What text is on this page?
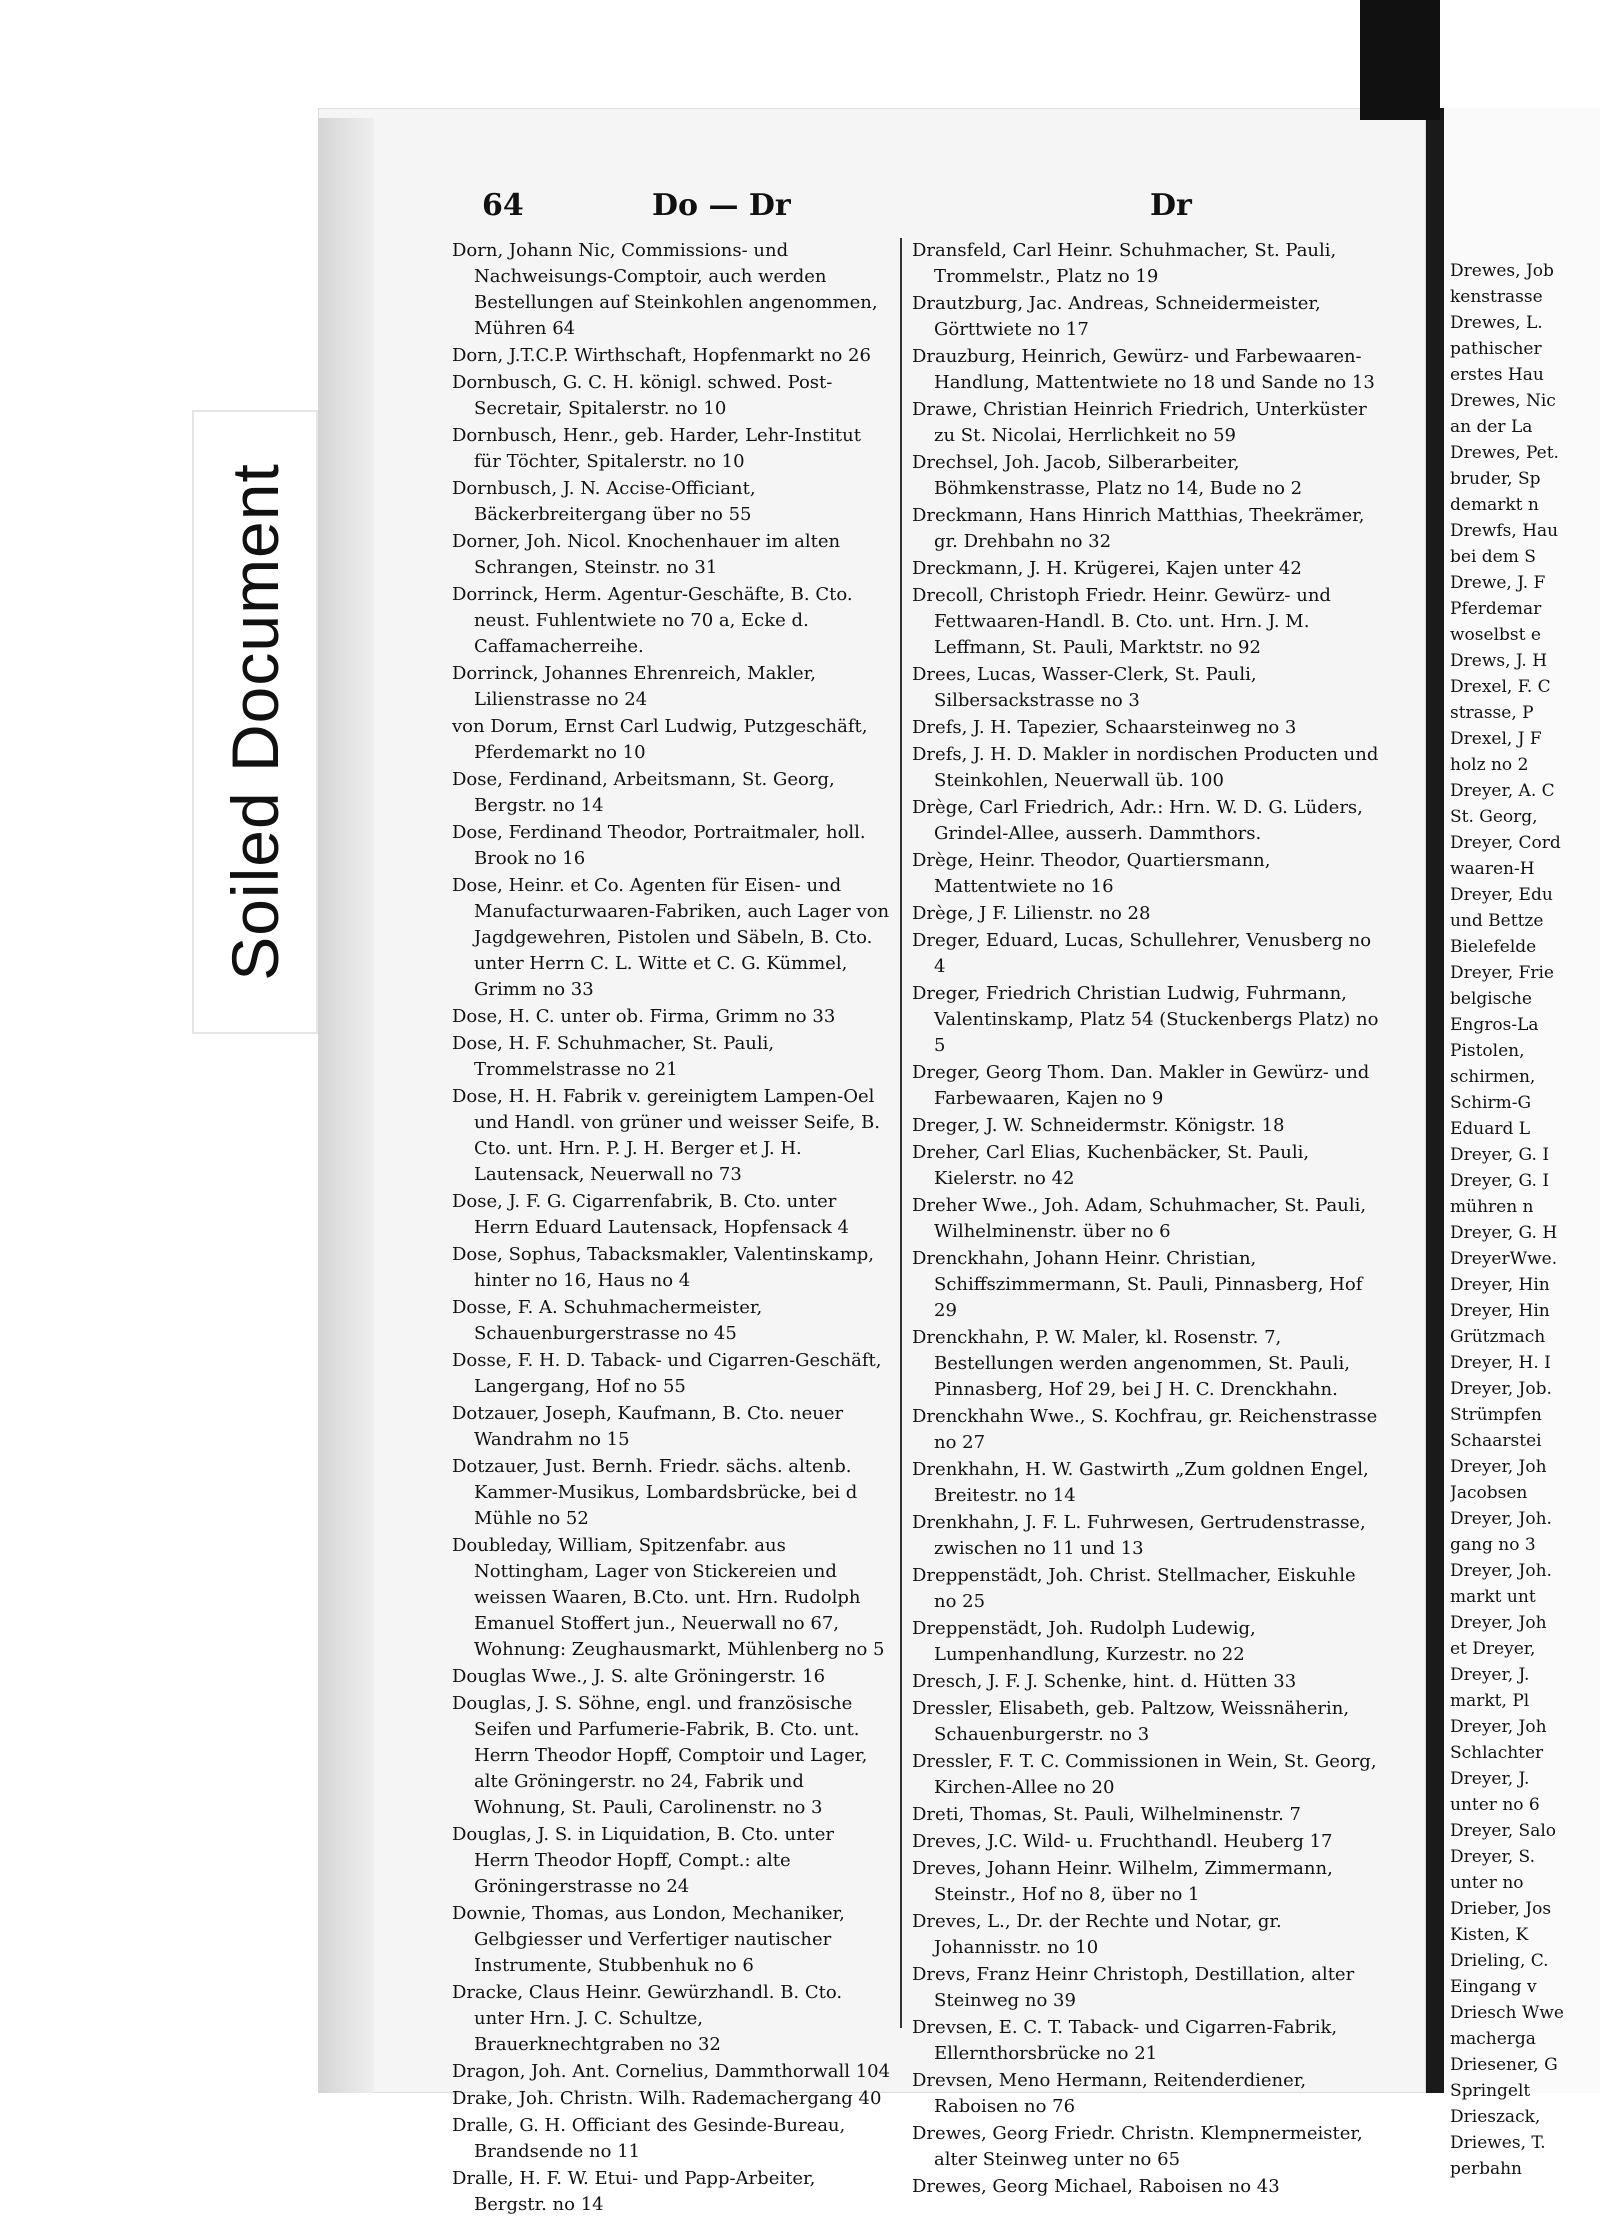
Soiled Document
64	Do — Dr	Dr
Dorn, Johann Nic, Commissions- und Nachweisungs-Comptoir, auch werden Bestellungen auf Steinkohlen angenommen, Mühren 64
Dorn, J.T.C.P. Wirthschaft, Hopfenmarkt no 26
Dornbusch, G. C. H. königl. schwed. Post-Secretair, Spitalerstr. no 10
Dornbusch, Henr., geb. Harder, Lehr-Institut für Töchter, Spitalerstr. no 10
Dornbusch, J. N. Accise-Officiant, Bäckerbreitergang über no 55
Dorner, Joh. Nicol. Knochenhauer im alten Schrangen, Steinstr. no 31
Dorrinck, Herm. Agentur-Geschäfte, B. Cto. neust. Fuhlentwiete no 70 a, Ecke d. Caffamacherreihe.
Dorrinck, Johannes Ehrenreich, Makler, Lilienstrasse no 24
von Dorum, Ernst Carl Ludwig, Putzgeschäft, Pferdemarkt no 10
Dose, Ferdinand, Arbeitsmann, St. Georg, Bergstr. no 14
Dose, Ferdinand Theodor, Portraitmaler, holl. Brook no 16
Dose, Heinr. et Co. Agenten für Eisen- und Manufacturwaaren-Fabriken, auch Lager von Jagdgewehren, Pistolen und Säbeln, B. Cto. unter Herrn C. L. Witte et C. G. Kümmel, Grimm no 33
Dose, H. C. unter ob. Firma, Grimm no 33
Dose, H. F. Schuhmacher, St. Pauli, Trommelstrasse no 21
Dose, H. H. Fabrik v. gereinigtem Lampen-Oel und Handl. von grüner und weisser Seife, B. Cto. unt. Hrn. P. J. H. Berger et J. H. Lautensack, Neuerwall no 73
Dose, J. F. G. Cigarrenfabrik, B. Cto. unter Herrn Eduard Lautensack, Hopfensack 4
Dose, Sophus, Tabacksmakler, Valentinskamp, hinter no 16, Haus no 4
Dosse, F. A. Schuhmachermeister, Schauenburgerstrasse no 45
Dosse, F. H. D. Taback- und Cigarren-Geschäft, Langergang, Hof no 55
Dotzauer, Joseph, Kaufmann, B. Cto. neuer Wandrahm no 15
Dotzauer, Just. Bernh. Friedr. sächs. altenb. Kammer-Musikus, Lombardsbrücke, bei d Mühle no 52
Doubleday, William, Spitzenfabr. aus Nottingham, Lager von Stickereien und weissen Waaren, B.Cto. unt. Hrn. Rudolph Emanuel Stoffert jun., Neuerwall no 67, Wohnung: Zeughausmarkt, Mühlenberg no 5
Douglas Wwe., J. S. alte Gröningerstr. 16
Douglas, J. S. Söhne, engl. und französische Seifen und Parfumerie-Fabrik, B. Cto. unt. Herrn Theodor Hopff, Comptoir und Lager, alte Gröningerstr. no 24, Fabrik und Wohnung, St. Pauli, Carolinenstr. no 3
Douglas, J. S. in Liquidation, B. Cto. unter Herrn Theodor Hopff, Compt.: alte Gröningerstrasse no 24
Downie, Thomas, aus London, Mechaniker, Gelbgiesser und Verfertiger nautischer Instrumente, Stubbenhuk no 6
Dracke, Claus Heinr. Gewürzhandl. B. Cto. unter Hrn. J. C. Schultze, Brauerknechtgraben no 32
Dragon, Joh. Ant. Cornelius, Dammthorwall 104
Drake, Joh. Christn. Wilh. Rademachergang 40
Dralle, G. H. Officiant des Gesinde-Bureau, Brandsende no 11
Dralle, H. F. W. Etui- und Papp-Arbeiter, Bergstr. no 14
Dransfeld, Carl Heinr. Schuhmacher, St. Pauli, Trommelstr., Platz no 19
Drautzburg, Jac. Andreas, Schneidermeister, Görttwiete no 17
Drauzburg, Heinrich, Gewürz- und Farbewaaren-Handlung, Mattentwiete no 18 und Sande no 13
Drawe, Christian Heinrich Friedrich, Unterküster zu St. Nicolai, Herrlichkeit no 59
Drechsel, Joh. Jacob, Silberarbeiter, Böhmkenstrasse, Platz no 14, Bude no 2
Dreckmann, Hans Hinrich Matthias, Theekrämer, gr. Drehbahn no 32
Dreckmann, J. H. Krügerei, Kajen unter 42
Drecoll, Christoph Friedr. Heinr. Gewürz- und Fettwaaren-Handl. B. Cto. unt. Hrn. J. M. Leffmann, St. Pauli, Marktstr. no 92
Drees, Lucas, Wasser-Clerk, St. Pauli, Silbersackstrasse no 3
Drefs, J. H. Tapezier, Schaarsteinweg no 3
Drefs, J. H. D. Makler in nordischen Producten und Steinkohlen, Neuerwall üb. 100
Drège, Carl Friedrich, Adr.: Hrn. W. D. G. Lüders, Grindel-Allee, ausserh. Dammthors.
Drège, Heinr. Theodor, Quartiersmann, Mattentwiete no 16
Drège, J F. Lilienstr. no 28
Dreger, Eduard, Lucas, Schullehrer, Venusberg no 4
Dreger, Friedrich Christian Ludwig, Fuhrmann, Valentinskamp, Platz 54 (Stuckenbergs Platz) no 5
Dreger, Georg Thom. Dan. Makler in Gewürz- und Farbewaaren, Kajen no 9
Dreger, J. W. Schneidermstr. Königstr. 18
Dreher, Carl Elias, Kuchenbäcker, St. Pauli, Kielerstr. no 42
Dreher Wwe., Joh. Adam, Schuhmacher, St. Pauli, Wilhelminenstr. über no 6
Drenckhahn, Johann Heinr. Christian, Schiffszimmermann, St. Pauli, Pinnasberg, Hof 29
Drenckhahn, P. W. Maler, kl. Rosenstr. 7, Bestellungen werden angenommen, St. Pauli, Pinnasberg, Hof 29, bei J H. C. Drenckhahn.
Drenckhahn Wwe., S. Kochfrau, gr. Reichenstrasse no 27
Drenkhahn, H. W. Gastwirth „Zum goldnen Engel, Breitestr. no 14
Drenkhahn, J. F. L. Fuhrwesen, Gertrudenstrasse, zwischen no 11 und 13
Dreppenstädt, Joh. Christ. Stellmacher, Eiskuhle no 25
Dreppenstädt, Joh. Rudolph Ludewig, Lumpenhandlung, Kurzestr. no 22
Dresch, J. F. J. Schenke, hint. d. Hütten 33
Dressler, Elisabeth, geb. Paltzow, Weissnäherin, Schauenburgerstr. no 3
Dressler, F. T. C. Commissionen in Wein, St. Georg, Kirchen-Allee no 20
Dreti, Thomas, St. Pauli, Wilhelminenstr. 7
Dreves, J.C. Wild- u. Fruchthandl. Heuberg 17
Dreves, Johann Heinr. Wilhelm, Zimmermann, Steinstr., Hof no 8, über no 1
Dreves, L., Dr. der Rechte und Notar, gr. Johannisstr. no 10
Drevs, Franz Heinr Christoph, Destillation, alter Steinweg no 39
Drevsen, E. C. T. Taback- und Cigarren-Fabrik, Ellernthorsbrücke no 21
Drevsen, Meno Hermann, Reitenderdiener, Raboisen no 76
Drewes, Georg Friedr. Christn. Klempnermeister, alter Steinweg unter no 65
Drewes, Georg Michael, Raboisen no 43
Drewes, Job
kenstrasse
Drewes, L.
pathischer
erstes Hau
Drewes, Nic
an der La
Drewes, Pet.
bruder, Sp
demarkt n
Drewfs, Hau
bei dem S
Drewe, J. F
Pferdemar
woselbst e
Drews, J. H
Drexel, F. C
strasse, P
Drexel, J F
holz no 2
Dreyer, A. C
St. Georg,
Dreyer, Cord
waaren-H
Dreyer, Edu
und Bettze
Bielefelde
Dreyer, Frie
belgische
Engros-La
Pistolen,
schirmen,
Schirm-G
Eduard L
Dreyer, G. I
Dreyer, G. I
mühren n
Dreyer, G. H
DreyerWwe.
Dreyer, Hin
Dreyer, Hin
Grützmach
Dreyer, H. I
Dreyer, Job.
Strümpfen
Schaarstei
Dreyer, Joh
Jacobsen
Dreyer, Joh.
gang no 3
Dreyer, Joh.
markt unt
Dreyer, Joh
et Dreyer,
Dreyer, J.
markt, Pl
Dreyer, Joh
Schlachter
Dreyer, J.
unter no 6
Dreyer, Salo
Dreyer, S.
unter no
Drieber, Jos
Kisten, K
Drieling, C.
Eingang v
Driesch Wwe
macherga
Driesener, G
Springelt
Drieszack,
Driewes, T.
perbahn
